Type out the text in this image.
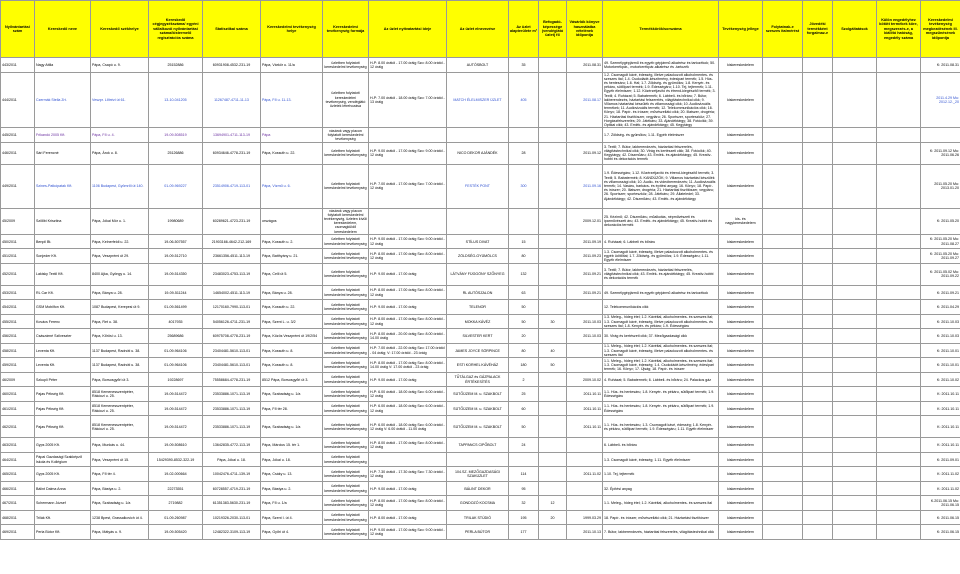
Nyilvántartási szám	Kereskedő neve	Kereskedő székhelye	Kereskedő cégjegyzékszáma/ egyéni vállalkozói nyilvántartási száma/kistermelő regisztrációs száma	Statisztikai száma	Kereskedelmi tevékenység helye	Kereskedelmi tevékenység formája	Az üzlet nyitvatartási ideje	Az üzlet elnevezése	Az üzlet alapterülete m²	Befogadó-képessége (vendéglátó üzlet) fő	Vásárlók könyve használatba vételének időpontja	Termékkörök/sorszáma	Tevékenység jellege	Folytatnak-e szeszes italmérést	Jövedéki termékként forgalmaz-e	Szolgáltatások	Külön engedélyhez kötött termékek köre, megszerzés-e, a kiállító hatóság, engedély száma	Kereskedelmi tevékenység megkezdésének ill. megszűnésének időpontja
443/2011	Nagy Attila	Pápa, Csapó u. 9.	25152886	60931908-4532-231-19	Pápa, Várkör u. 11/a	üzletben folytatott kereskedelmi tevékenység	H-P: 8.00 órától - 17.00 óráig Szo: 8.00 órától - 12 óráig	AUTÓSBOLT	35		2011.08.31	49. Személygépjármű és egyéb gépjármű alkatrész és tartozékok; 50. Motorkerékpár-, motorkerékpár-alkatrész és -tartozék	kiskereskedelem					K: 2011.08.31
444/2011	Czermák Stella Zrt.	Veszpr. Lőtrézi út 61.	13-10-041205	11267487-4711-11-13	Pápa, Fő u. 11-13.	üzletben folytatott kereskedelmi tevékenység, vendéglátó üzletek létrehozása	H-P: 7.00 órától - 18.00 óráig Szo: 7.00 órától - 13 óráig	MATCH ÉLELMISZER ÜZLET	405		2011.08.17	1.2. Csomagolt kávé, édesség, illetve palackozott alkoholmentes- és szeszes ital; 1.4. Csokoládé-készítmény, édesipari termék; 1.5. Hús- és hentesáru; 1.6. Hal; 1.7. Zöldség- és gyümölcs; 1.8. Kenyér- és pékáru, sütőipari termék; 1.9. Édességáru; 1.10. Tej, tejtermék; 1.11. Egyéb élelmiszer; 1.12. Közérzetjavító és étrend-kiegészítő termék; 3. Textil; 4. Ruházat; 5. Babatermék; 6. Lábbeli- és bőráru; 7. Bútor, lakberendezés, háztartási felszerelés, világítástechnikai cikk; 9. Villamos háztartási készülék és villamossági cikk; 10. Audiovizuális termékek; 11. Audiovizuális termék; 12. Telekommunikációs cikk; 16. Könyv; 18. Papír- és írószer, művészellátó cikk; 20. Illatszer, drogéria; 21. Háztartási tisztítószer, vegyiáru; 26. Sportszer, sporteszköz; 27. Horgászfelszerelés; 29. Játékáru; 33. Ajándéktárgy; 38. Fotócikk; 39. Optikai cikk; 43. Emlék- és ajándéktárgy; 45. Kegytárgy	kiskereskedelem					2011.4.29 Mu: 2012.12._20
445/2011	Frikandó 2005 Kft.	Pápa, Fő u. 4.	19-09-508519	13694901-4711-113-19	Pápa	vásárok vagy piacon folytatott kereskedelmi tevékenység						1.7. Zöldség- és gyümölcs; 1.11. Egyéb élelmiszer	kiskereskedelem					
446/2011	Sári Ferencné	Pápa, Árok u. 8.	25126886	60934646-4778-231-19	Pápa, Kossuth u. 22.	üzletben folytatott kereskedelmi tevékenység	H-P: 9.00 órától - 17.00 óráig Szo: 9.00 órától - 12 óráig	NICO DEKOR AJÁNDÉK	28		2011.09.12	3. Textil; 7. Bútor, lakberendezés, háztartási felszerelés, világítástechnikai cikk; 30. Virág és kertészeti cikk; 38. Fotócikk; 40. Kegytárgy; 42. Díszműáru; 43. Emlék- és ajándéktárgy; 45. Kreatív-hobbi és dekorációs termék	kiskereskedelem					K: 2011.09.12 Mu: 2011.06.26
449/2011	Szines-Patkópatak Kft.	1106 Budapest, Gyömrői út 140.	01-09-969227	23514906-4719-113-01	Pápa, Vízmű u. 6.	üzletben folytatott kereskedelmi tevékenység	H-P: 7.00 órától - 17.00 óráig Szo: 7.00 órától - 12 óráig	FESTÉK PONT	300		2011.09.16	1.9. Édességáru; 1.12. Közérzetjavító és étrend-kiegészítő termék; 3. Textil; 5. Babatermék; 8. KANDÚZÓK; 9. Villamos háztartási készülék és villamossági cikk; 10. Audio- és videóberendezés; 11. Audiovizuális termék; 14. Vasáru, barkács- és építési anyag; 16. Könyv; 18. Papír- és írószer; 20. Illatszer, drogéria; 21. Háztartási tisztítószer, vegyiáru; 26. Sportszer; sporteszköz; 28. Játékáru; 29. Állateledel; 33. Ajándéktárgy; 42. Díszműáru; 43. Emlék- és ajándéktárgy	kiskereskedelem					2011.05.20 Mu: 2013.01.20
45/2009	Szilőbi Krisztina	Pápa, Jókai Mór u. 1.	19980689	60289621-4723-231-19	országos	vásárok vagy piacon folytatott kereskedelmi tevékenység, üzleten kívüli kereskedelem, csomagküldő kereskedelem					2009.12.01	25. Kézimű; 42. Díszműáru, műalkotás, népművészeti és iparművészeti áru; 43. Emlék- és ajándéktárgy; 45. Kreatív-hobbi és dekorációs termék	kis- és nagykereskedelem					K: 2011.05.20
450/2011	Benpil Bt.	Pápa, Kelnerfeldi u. 22.	19-06-507557	21903166-4642-212-169	Pápa, Kossuth u. 2.	üzletben folytatott kereskedelmi tevékenység	H-P: 9.00 órától - 17.00 óráig Szo: 9.00 órától - 12 óráig	STÍLUS DIVAT	15		2011.09.19	4. Ruházat; 6. Lábbeli és bőráru	kiskereskedelem					K: 2011.05.20 Mu: 2011.08.27
451/2011	Sonjeder Kft.	Pápa, Veszprémi út 29.	19-09-512710	23661356-4511-113-19	Pápa, Batthyány u. 21.	üzletben folytatott kereskedelmi tevékenység	H-P: 8.00 órától - 17.00 óráig Szo: 8.00 órától - 12 óráig	ZÖLDSÉG-GYÜMÖLCS	80		2011.09.23	1.3. Csomagolt kávé, édesség, illetve palackozott alkoholmentes- és egyéb üdítőital; 1.7. Zöldség- és gyümölcs; 1.9. Édességáru; 1.11. Egyéb élelmiszer	kiskereskedelem					K: 2011.05.20 Mu: 2011.09.27
452/2011	Lakisky Textil Kft.	8400 Ajka, Gyöngy u. 14.	19-09-514350	23483023-4753-113-19	Pápa, Celli út 5.	üzletben folytatott kereskedelmi tevékenység	H-P: 9.00 órától - 17.00 óráig	LÁTVÁNY FÜGGÖNY SZŐNYEG	132		2011.09.21	3. Textil; 7. Bútor, lakberendezés, háztartási felszerelés, világítástechnikai cikk; 43. Emlék- és ajándéktárgy; 45. Kreatív-hobbi és dekorációs termék	kiskereskedelem					K: 2011.05.02 Mu: 2011.09.22
453/2011	RL Car Kft.	Pápa, Bánya u. 28.	19-09-511244	14654002-4511-113-19	Pápa, Bánya u. 28.	üzletben folytatott kereskedelmi tevékenység	H-P: 8.00 órától - 17.00 óráig Szo: 8.00 órától - 12 óráig	RL AUTÓSZALON	63		2011.09.21	49. Személygépjármű és egyéb gépjármű alkatrész és tartozékok	kiskereskedelem					K: 2011.09.21
454/2011	GSM Mobilfon Kft.	1087 Budapest, Kerepesi út 9.	01-09-561499	12170160-7990-113-01	Pápa, Kossuth u. 22.	üzletben folytatott kereskedelmi tevékenység	H-P: 9.00 órától - 17.00 óráig	TELENOR	50			12. Telekommunikációs cikk	kiskereskedelem					K: 2011.04.29
455/2011	Kovács Ferenc	Pápa, Ret u. 38.	4017935	54056126-4711-231-19	Pápa, Szent L. u. 3/2	üzletben folytatott kereskedelmi tevékenység	H-P: 8.00 órától - 17.00 óráig Szo: 8.00 órától - 12 óráig	MOKKA KÁVÉZ	50	30	2011.10.03	1.3. Meleg-, hideg étel; 1.2. Kávéital, alkoholmentes- és szeszes ital; 1.3. Csomagolt kávé, édesség, illetve palackozott alkoholmentes- és szeszes ital; 1.8. Kenyér- és pékáru; 1.9. Édességáru	kiskereskedelem					K: 2011.10.03
456/2011	Császárné Szilveszter	Pápa, Kőrösi u. 13.	25689686	60975708-4778-231-19	Pápa, Közös Veszprémi út 19/2/54	üzletben folytatott kereskedelmi tevékenység	H-P: 8.00 órától - 20.00 óráig Szo: 8.00 órától - 14.00 óráig	SILVESTER KERT	20		2011.10.03	30. Virág és kertészeti cikk; 37. Mezőgazdasági cikk	kiskereskedelem					K: 2011.10.03
458/2011	Leventa Kft.	1137 Budapest, Radnóti u. 38.	01-09-964106	23404481-5610-113-01	Pápa, Kossuth u. 8.	üzletben folytatott kereskedelmi tevékenység	H-P: 7.00 órától - 22.00 óráig Szo: 17.00 órától - 04 óráig; V: 17.00 órától - 23 óráig	JAMES JOYCE SÖRPINCE	80	40		1.1. Meleg-, hideg étel; 1.2. Kávéital, alkoholmentes- és szeszes ital; 1.3. Csomagolt kávé, édesség, illetve palackozott alkoholmentes- és szeszes ital	kiskereskedelem					K: 2011.10.01
459/2011	Leventa Kft.	1137 Budapest, Radnóti u. 38.	01-09-964106	23404481-5610-113-01	Pápa, Kossuth u. 8.	üzletben folytatott kereskedelmi tevékenység	H-P: 8.00 órától - 17.00 óráig Szo: 8.00 órától - 14.00 óráig V: 17.00 órától - 23 óráig	ESTI KORHEL KÁVÉHÁZ	180	50		1.1. Meleg-, hideg étel; 1.2. Kávéital, alkoholmentes- és szeszes ital; 1.3. Csomagolt kávé, édesség; 1.4. Csokoládé-készítmény, édesipari termék; 16. Könyv; 17. Újság; 18. Papír- és írószer	kiskereskedelem					K: 2011.10.01
46/2009	Szkupli Péter	Pápa, Borsosgyőri út 3.	19228697	75558684-4778-231-19	8512 Pápa, Borsosgyőri út 3.	üzletben folytatott kereskedelmi tevékenység	H-P: 9.00 órától - 17.00 óráig	TŰTÁLGAZ és GÁZPALACK ÉRTÉKESÍTÉS	2		2009.10.02	4. Ruházat; 5. Babatermék; 6. Lábbeli- és bőráru; 24. Palackos gáz	kiskereskedelem					K: 2011.10.02
460/2011	Pajas Pékség Kft.	8518 Kemenesszentpéter, Rákóczi u. 25.	19-09-514472	23533886-1071-113-19	Pápa, Szabadság u. 1/a	üzletben folytatott kereskedelmi tevékenység	H-P: 6.00 órától - 18.00 óráig Szo: 6.00 órától - 12 óráig	SÜTŐÜZEM M. u. SZAKBOLT	25		2011.10.11	1.1. Hús- és hentesáru; 1.8. Kenyér- és pékáru, sütőipari termék; 1.9. Édességáru	kiskereskedelem					K: 2011.10.11
461/2011	Pajas Pékség Kft.	8518 Kemenesszentpéter, Rákóczi u. 25.	19-09-514472	23533886-1071-113-19	Pápa, Fő tér 28.	üzletben folytatott kereskedelmi tevékenység	H-P: 6.00 órától - 18.00 óráig Szo: 6.00 órától - 12 óráig	SÜTŐÜZEM M. u. SZAKBOLT	60		2011.10.11	1.1. Hús- és hentesáru; 1.8. Kenyér- és pékáru, sütőipari termék; 1.9. Édességáru	kiskereskedelem					K: 2011.10.11
462/2011	Pajas Pékség Kft.	8518 Kemenesszentpéter, Rákóczi u. 25.	19-09-514472	23533886-1071-113-19	Pápa, Szabadság u. 1/a	üzletben folytatott kereskedelmi tevékenység	H-P: 6.00 órától - 18.00 óráig Szo: 6.00 órától - 12 óráig V: 6.00 órától - 11.00 óráig	SÜTŐÜZEM M. u. SZAKBOLT	50		2011.10.11	1.1. Hús- és hentesáru; 1.3. Csomagolt kávé, édesség; 1.8. Kenyér- és pékáru, sütőipari termék; 1.9. Édességáru; 1.11. Egyéb élelmiszer	kiskereskedelem					K: 2011.10.11
463/2011	Gyps 2005 Kft.	Pápa, Munkás u. 44.	19-09-508610	13642835-4772-113-19	Pápa, Március 15. tér 1.	üzletben folytatott kereskedelmi tevékenység	H-P: 8.00 órától - 17.00 óráig Szo: 8.00 órától - 12 óráig	TAPPANCS CIPŐBOLT	24			6. Lábbeli- és bőráru	kiskereskedelem					K: 2011.10.11
464/2011	Pápai Gazdasági Szakképző Iskola és Kollégium	Pápa, Veszprémi út 15.	15429390-8532-322-19	Pápa, Jókai u. 18.	Pápa, Jókai u. 18.	üzletben folytatott kereskedelmi tevékenység						1.3. Csomagolt kávé, édesség; 1.11. Egyéb élelmiszer	kiskereskedelem					K: 2011.09.01
465/2011	Gyps 2005 Kft.	Pápa, Fő tér 4.	19-02-000664	10042476-4711-139-19	Pápa, Csáky u. 13.	üzletben folytatott kereskedelmi tevékenység	H-P: 7.30 órától - 17.30 óráig Szo: 7.30 órától - 12 óráig	104.SZ. MEZŐGAZDASÁGI SZAKÜZLET	114		2011.11.02	1.10. Tej, tejtermék	kiskereskedelem					K: 2011.11.02
466/2011	Bálint Dalma Anna	Pápa, Bástya u. 2.	22273551	60728557-4719-231-19	Pápa, Bástya u. 2.	üzletben folytatott kereskedelmi tevékenység	H-P: 9.00 órától - 17.00 óráig	BÁLINT DEKOR	95			32. Építési anyag	kiskereskedelem					K: 2011.11.02
467/2011	Schermann József	Pápa, Szabadság u. 1/a	2719882	61351383-5630-231-19	Pápa, Fő u. 1/a	üzletben folytatott kereskedelmi tevékenység	H-P: 8.00 órától - 17.00 óráig Szo: 8.00 órától - 12 óráig	GONDOZÓ KOCSMA	32	12		1.1. Meleg-, hideg étel; 1.2. Kávéital, alkoholmentes- és szeszes ital	kiskereskedelem					K.2011.06.15 Mu: 2011.06.15
468/2011	Trilák Kft.	1238 Bpest, Grassalkovich út 4.	01-09-260987	10219326-2030-113-01	Pápa, Szent I. út 4.	üzletben folytatott kereskedelmi tevékenység	H-P: 8.00 órától - 17.00 óráig	TRILAK STÚDIÓ	195	20	1999.03.29	18. Papír- és írószer, művészellátó cikk; 21. Háztartási tisztítószer	kiskereskedelem					K: 2011.06.15
469/2011	Perla Bútor Kft.	Pápa, Mátyás u. 9.	19-09-505420	12482322-3109-113-19	Pápa, Győri út 4.	üzletben folytatott kereskedelmi tevékenység	H-P: 9.00 órától - 17.00 óráig Szo: 9.00 órától - 12 óráig	PERLA BÚTOR	177		2011.10.13	7. Bútor, lakberendezés, háztartási felszerelés, világítástechnikai cikk	kiskereskedelem					K: 2011.06.15
